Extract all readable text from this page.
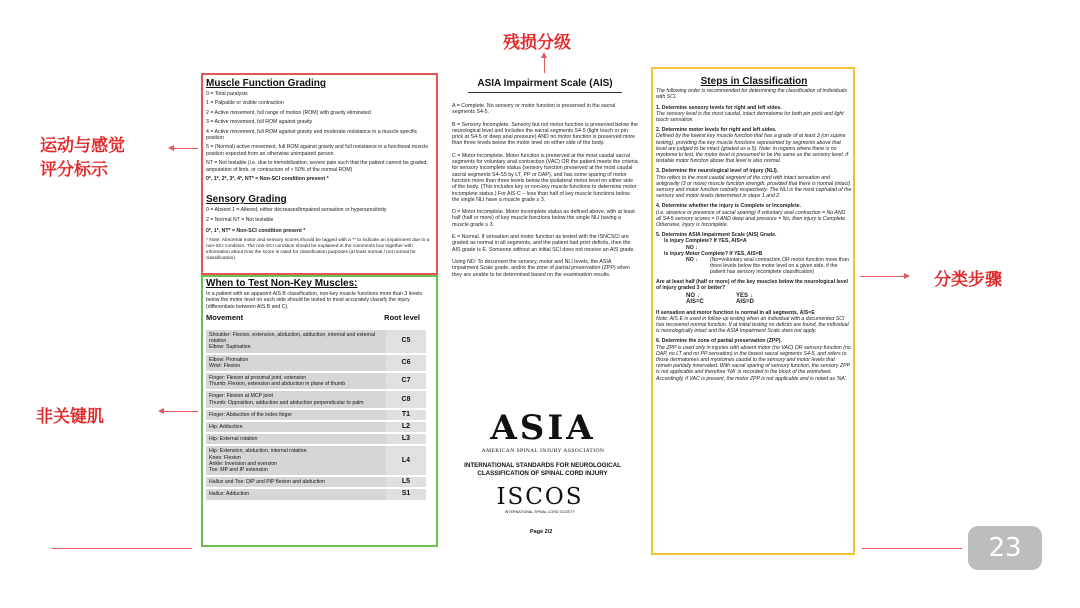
残损分级
运动与感觉
评分标示
非关键肌
分类步骤
Muscle Function Grading
0 = Total paralysis
1 = Palpable or visible contraction
2 = Active movement, full range of motion (ROM) with gravity eliminated
3 = Active movement, full ROM against gravity
4 = Active movement, full ROM against gravity and moderate resistance in a muscle specific position
5 = (Normal) active movement, full ROM against gravity and full resistance in a functional muscle position expected from an otherwise unimpaired person
NT = Not testable (i.e. due to immobilization, severe pain such that the patient cannot be graded, amputation of limb, or contracture of > 50% of the normal ROM)
0*, 1*, 2*, 3*, 4*, NT* = Non-SCI condition present *
Sensory Grading
0 = Absent 1 = Altered, either decreased/impaired sensation or hypersensitivity
2 = Normal NT = Not testable
0*, 1*, NT* = Non-SCI condition present *
* Note: Abnormal motor and sensory scores should be tagged with a '*' to indicate an impairment due to a non-SCI condition. The non-SCI condition should be explained in the comments box together with information about how the score is rated for classification purposes (at least normal / not normal for classification).
When to Test Non-Key Muscles:
In a patient with an apparent AIS B classification, non-key muscle functions more than 3 levels below the motor level on each side should be tested to most accurately classify the injury (differentiate between AIS B and C).
Movement	Root level
Shoulder: Flexion, extension, abduction, adduction, internal and external rotation
Elbow: Supination	C5
Elbow: Pronation
Wrist: Flexion	C6
Finger: Flexion at proximal joint, extension
Thumb: Flexion, extension and abduction in plane of thumb	C7
Finger: Flexion at MCP joint
Thumb: Opposition, adduction and abduction perpendicular to palm	C8
Finger: Abduction of the index finger	T1
Hip: Adduction	L2
Hip: External rotation	L3
Hip: Extension, abduction, internal rotation
Knee: Flexion
Ankle: Inversion and eversion
Toe: MP and IP extension	L4
Hallux and Toe: DIP and PIP flexion and abduction	L5
Hallux: Adduction	S1
ASIA Impairment Scale (AIS)
A = Complete. No sensory or motor function is preserved in the sacral segments S4-5.
B = Sensory Incomplete. Sensory but not motor function is preserved below the neurological level and includes the sacral segments S4-5 (light touch or pin prick at S4-5 or deep anal pressure) AND no motor function is preserved more than three levels below the motor level on either side of the body.
C = Motor Incomplete. Motor function is preserved at the most caudal sacral segments for voluntary anal contraction (VAC) OR the patient meets the criteria for sensory incomplete status (sensory function preserved at the most caudal sacral segments S4-S5 by LT, PP or DAP), and has some sparing of motor function more than three levels below the ipsilateral motor level on either side of the body. (This includes key or non-key muscle functions to determine motor incomplete status.) For AIS C – less than half of key muscle functions below the single NLI have a muscle grade ≥ 3.
D = Motor Incomplete. Motor incomplete status as defined above, with at least half (half or more) of key muscle functions below the single NLI having a muscle grade ≥ 3.
E = Normal. If sensation and motor function as tested with the ISNCSCI are graded as normal in all segments, and the patient had prior deficits, then the AIS grade is E. Someone without an initial SCI does not receive an AIS grade.
Using ND: To document the sensory, motor and NLI levels, the ASIA Impairment Scale grade, and/or the zone of partial preservation (ZPP) when they are unable to be determined based on the examination results.
ASIA
AMERICAN SPINAL INJURY ASSOCIATION
INTERNATIONAL STANDARDS FOR NEUROLOGICAL
CLASSIFICATION OF SPINAL CORD INJURY
ISCOS
INTERNATIONAL SPINAL CORD SOCIETY
Page 2/2
Steps in Classification
The following order is recommended for determining the classification of individuals with SCI.
1. Determine sensory levels for right and left sides.
The sensory level is the most caudal, intact dermatome for both pin prick and light touch sensation.
2. Determine motor levels for right and left sides.
Defined by the lowest key muscle function that has a grade of at least 3 (on supine testing), providing the key muscle functions represented by segments above that level are judged to be intact (graded as a 5). Note: in regions where there is no myotome to test, the motor level is presumed to be the same as the sensory level, if testable motor function above that level is also normal.
3. Determine the neurological level of injury (NLI).
This refers to the most caudal segment of the cord with intact sensation and antigravity (3 or more) muscle function strength, provided that there is normal (intact) sensory and motor function rostrally respectively. The NLI is the most cephalad of the sensory and motor levels determined in steps 1 and 2.
4. Determine whether the injury is Complete or Incomplete.
(i.e. absence or presence of sacral sparing) If voluntary anal contraction = No AND all S4-5 sensory scores = 0 AND deep anal pressure = No, then injury is Complete. Otherwise, injury is Incomplete.
5. Determine ASIA Impairment Scale (AIS) Grade.
Is injury Complete? If YES, AIS=A
NO ↓
Is injury Motor Complete? If YES, AIS=B
NO ↓	(No=voluntary anal contraction OR motor function more than three levels below the motor level on a given side, if the patient has sensory incomplete classification)
Are at least half (half or more) of the key muscles below the neurological level of injury graded 3 or better?
NO ↓	YES ↓
AIS=C	AIS=D
If sensation and motor function is normal in all segments, AIS=E
Note: AIS E is used in follow-up testing when an individual with a documented SCI has recovered normal function. If at initial testing no deficits are found, the individual is neurologically intact and the ASIA Impairment Scale does not apply.
6. Determine the zone of partial preservation (ZPP).
The ZPP is used only in injuries with absent motor (no VAC) OR sensory function (no DAP, no LT and no PP sensation) in the lowest sacral segments S4-5, and refers to those dermatomes and myotomes caudal to the sensory and motor levels that remain partially innervated. With sacral sparing of sensory function, the sensory ZPP is not applicable and therefore 'NA' is recorded in the block of the worksheet. Accordingly, if VAC is present, the motor ZPP is not applicable and is noted as 'NA'.
23
